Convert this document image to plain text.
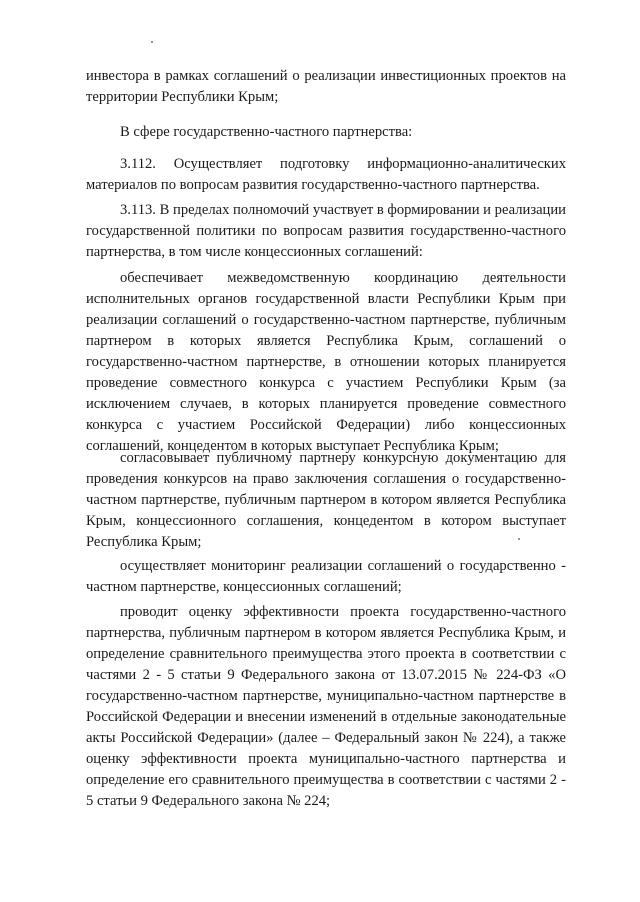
инвестора в рамках соглашений о реализации инвестиционных проектов на территории Республики Крым;

В сфере государственно-частного партнерства:

3.112. Осуществляет подготовку информационно-аналитических материалов по вопросам развития государственно-частного партнерства.

3.113. В пределах полномочий участвует в формировании и реализации государственной политики по вопросам развития государственно-частного партнерства, в том числе концессионных соглашений:

обеспечивает межведомственную координацию деятельности исполнительных органов государственной власти Республики Крым при реализации соглашений о государственно-частном партнерстве, публичным партнером в которых является Республика Крым, соглашений о государственно-частном партнерстве, в отношении которых планируется проведение совместного конкурса с участием Республики Крым (за исключением случаев, в которых планируется проведение совместного конкурса с участием Российской Федерации) либо концессионных соглашений, концедентом в которых выступает Республика Крым;

согласовывает публичному партнеру конкурсную документацию для проведения конкурсов на право заключения соглашения о государственно-частном партнерстве, публичным партнером в котором является Республика Крым, концессионного соглашения, концедентом в котором выступает Республика Крым;

осуществляет мониторинг реализации соглашений о государственно - частном партнерстве, концессионных соглашений;

проводит оценку эффективности проекта государственно-частного партнерства, публичным партнером в котором является Республика Крым, и определение сравнительного преимущества этого проекта в соответствии с частями 2 - 5 статьи 9 Федерального закона от 13.07.2015 № 224-ФЗ «О государственно-частном партнерстве, муниципально-частном партнерстве в Российской Федерации и внесении изменений в отдельные законодательные акты Российской Федерации» (далее – Федеральный закон № 224), а также оценку эффективности проекта муниципально-частного партнерства и определение его сравнительного преимущества в соответствии с частями 2 - 5 статьи 9 Федерального закона № 224;
